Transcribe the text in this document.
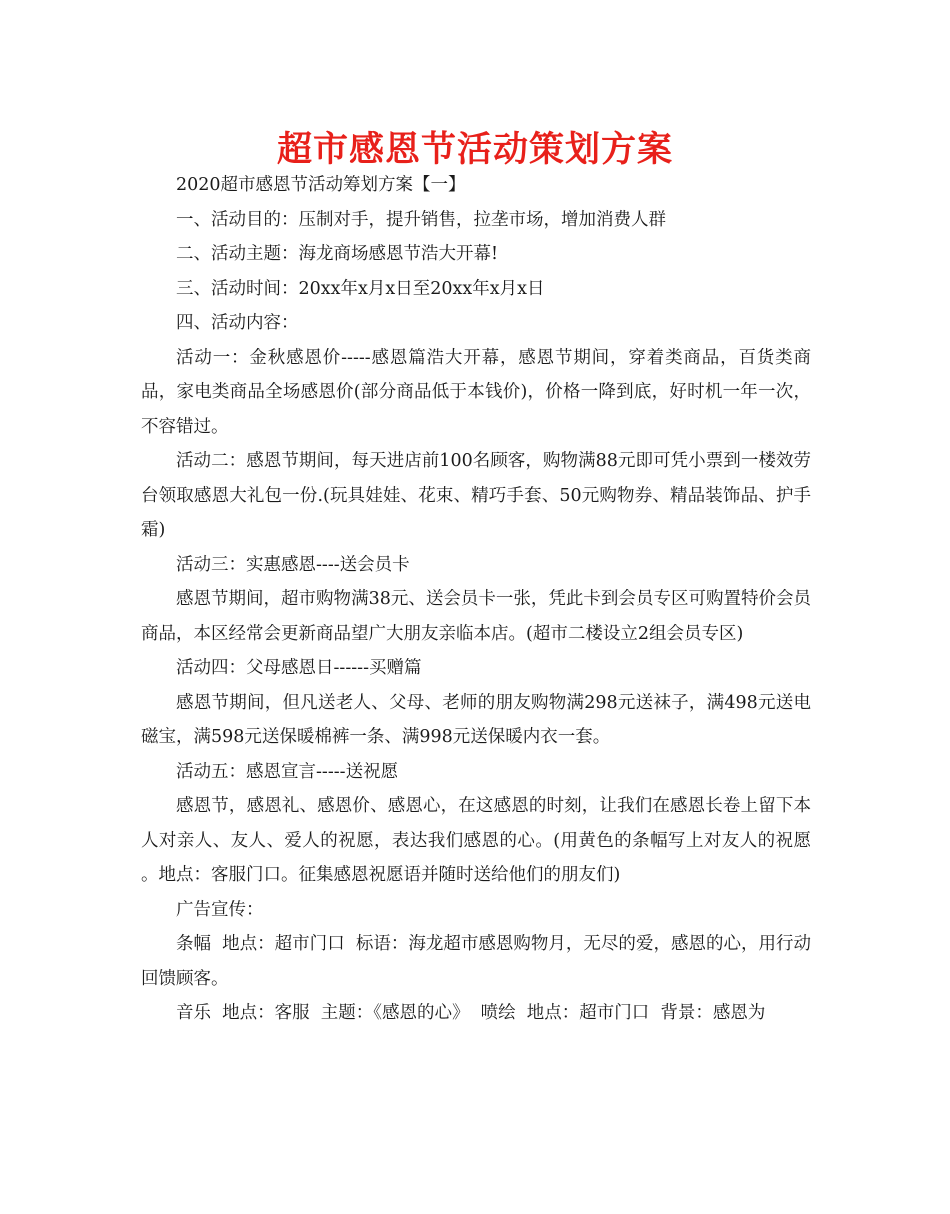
超市感恩节活动策划方案

2020超市感恩节活动筹划方案【一】

一、活动目的：压制对手，提升销售，拉垄市场，增加消费人群

二、活动主题：海龙商场感恩节浩大开幕!

三、活动时间：20xx年x月x日至20xx年x月x日

四、活动内容：

活动一：金秋感恩价-----感恩篇浩大开幕，感恩节期间，穿着类商品，百货类商品，家电类商品全场感恩价(部分商品低于本钱价)，价格一降到底，好时机一年一次，不容错过。

活动二：感恩节期间，每天进店前100名顾客，购物满88元即可凭小票到一楼效劳台领取感恩大礼包一份.(玩具娃娃、花束、精巧手套、50元购物券、精品装饰品、护手霜)

活动三：实惠感恩----送会员卡

感恩节期间，超市购物满38元、送会员卡一张，凭此卡到会员专区可购置特价会员商品，本区经常会更新商品望广大朋友亲临本店。(超市二楼设立2组会员专区)

活动四：父母感恩日------买赠篇

感恩节期间，但凡送老人、父母、老师的朋友购物满298元送袜子，满498元送电磁宝，满598元送保暖棉裤一条、满998元送保暖内衣一套。

活动五：感恩宣言-----送祝愿

感恩节，感恩礼、感恩价、感恩心，在这感恩的时刻，让我们在感恩长卷上留下本人对亲人、友人、爱人的祝愿，表达我们感恩的心。(用黄色的条幅写上对友人的祝愿  。地点：客服门口。征集感恩祝愿语并随时送给他们的朋友们)

广告宣传：

条幅  地点：超市门口  标语：海龙超市感恩购物月，无尽的爱，感恩的心，用行动回馈顾客。

音乐  地点：客服  主题：《感恩的心》  喷绘  地点：超市门口  背景：感恩为
